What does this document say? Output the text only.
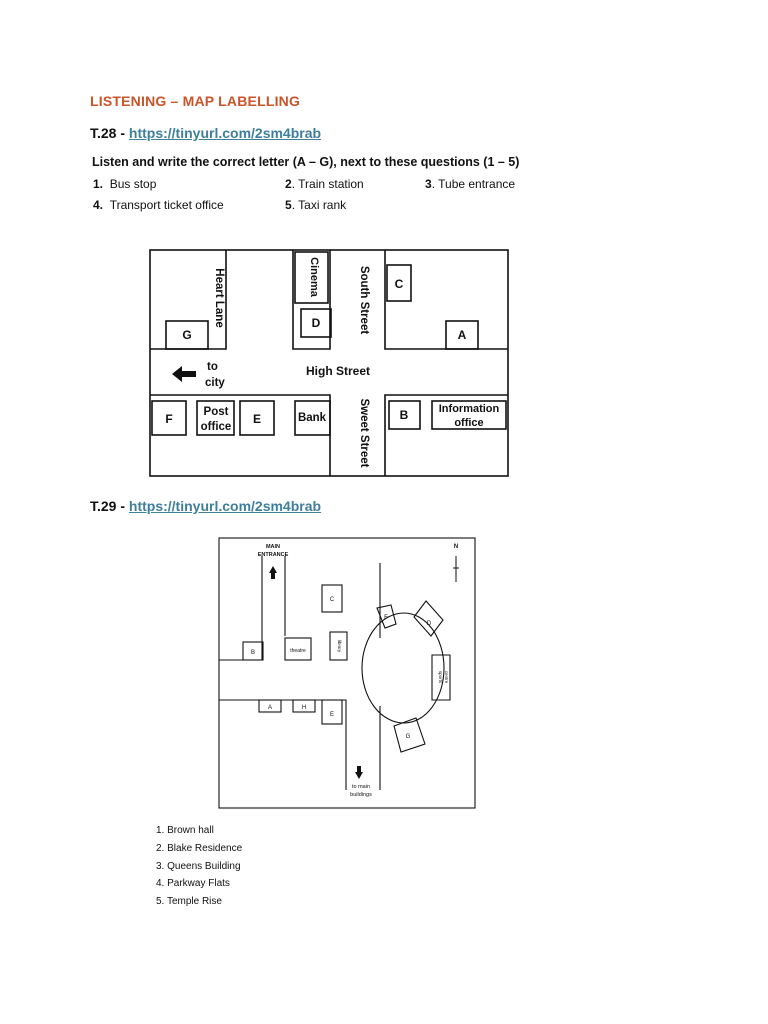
LISTENING – MAP LABELLING
T.28 - https://tinyurl.com/2sm4brab
Listen and write the correct letter (A – G), next to these questions (1 – 5)
1. Bus stop	2. Train station	3. Tube entrance
4. Transport ticket office	5. Taxi rank
Heart Lane	Cinema	South Street
Sweet Street
High Street
to
city
G
D
C
A
F	Post
office
E	Bank	B	Information
office
T.29 - https://tinyurl.com/2sm4brab
MAIN
ENTRANCE
N
to main
buildings
C
B	theatre	library
A	H
E
F
D
sports centre
G
1. Brown hall
2. Blake Residence
3. Queens Building
4. Parkway Flats
5. Temple Rise
